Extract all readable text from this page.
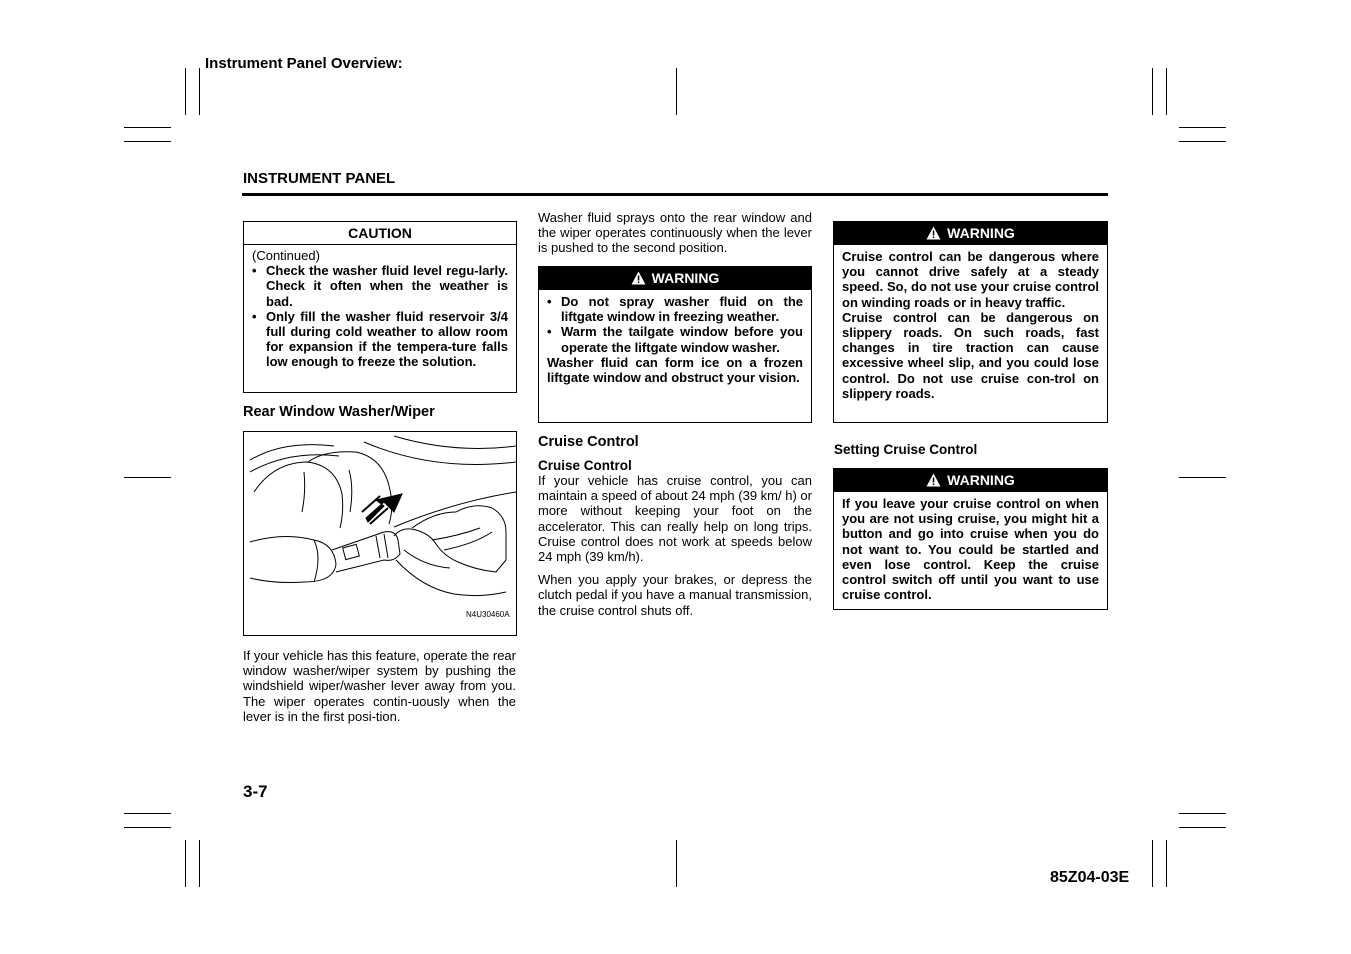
Instrument Panel Overview:
INSTRUMENT PANEL
CAUTION

(Continued)

• Check the washer fluid level regu-larly. Check it often when the weather is bad.
• Only fill the washer fluid reservoir 3/4 full during cold weather to allow room for expansion if the tempera-ture falls low enough to freeze the solution.
Rear Window Washer/Wiper
N4U30460A
If your vehicle has this feature, operate the rear window washer/wiper system by pushing the windshield wiper/washer lever away from you. The wiper operates contin-uously when the lever is in the first posi-tion.
3-7
Washer fluid sprays onto the rear window and the wiper operates continuously when the lever is pushed to the second position.
WARNING
• Do not spray washer fluid on the liftgate window in freezing weather.
• Warm the tailgate window before you operate the liftgate window washer.

Washer fluid can form ice on a frozen liftgate window and obstruct your vision.

Cruise Control
Cruise Control

If your vehicle has cruise control, you can maintain a speed of about 24 mph (39 km/ h) or more without keeping your foot on the accelerator. This can really help on long trips. Cruise control does not work at speeds below 24 mph (39 km/h).

When you apply your brakes, or depress the clutch pedal if you have a manual transmission, the cruise control shuts off.

WARNING

Cruise control can be dangerous where you cannot drive safely at a steady speed. So, do not use your cruise control on winding roads or in heavy traffic.

Cruise control can be dangerous on slippery roads. On such roads, fast changes in tire traction can cause excessive wheel slip, and you could lose control. Do not use cruise con-trol on slippery roads.

Setting Cruise Control
WARNING

If you leave your cruise control on when you are not using cruise, you might hit a button and go into cruise when you do not want to. You could be startled and even lose control. Keep the cruise control switch off until you want to use cruise control.

85Z04-03E
